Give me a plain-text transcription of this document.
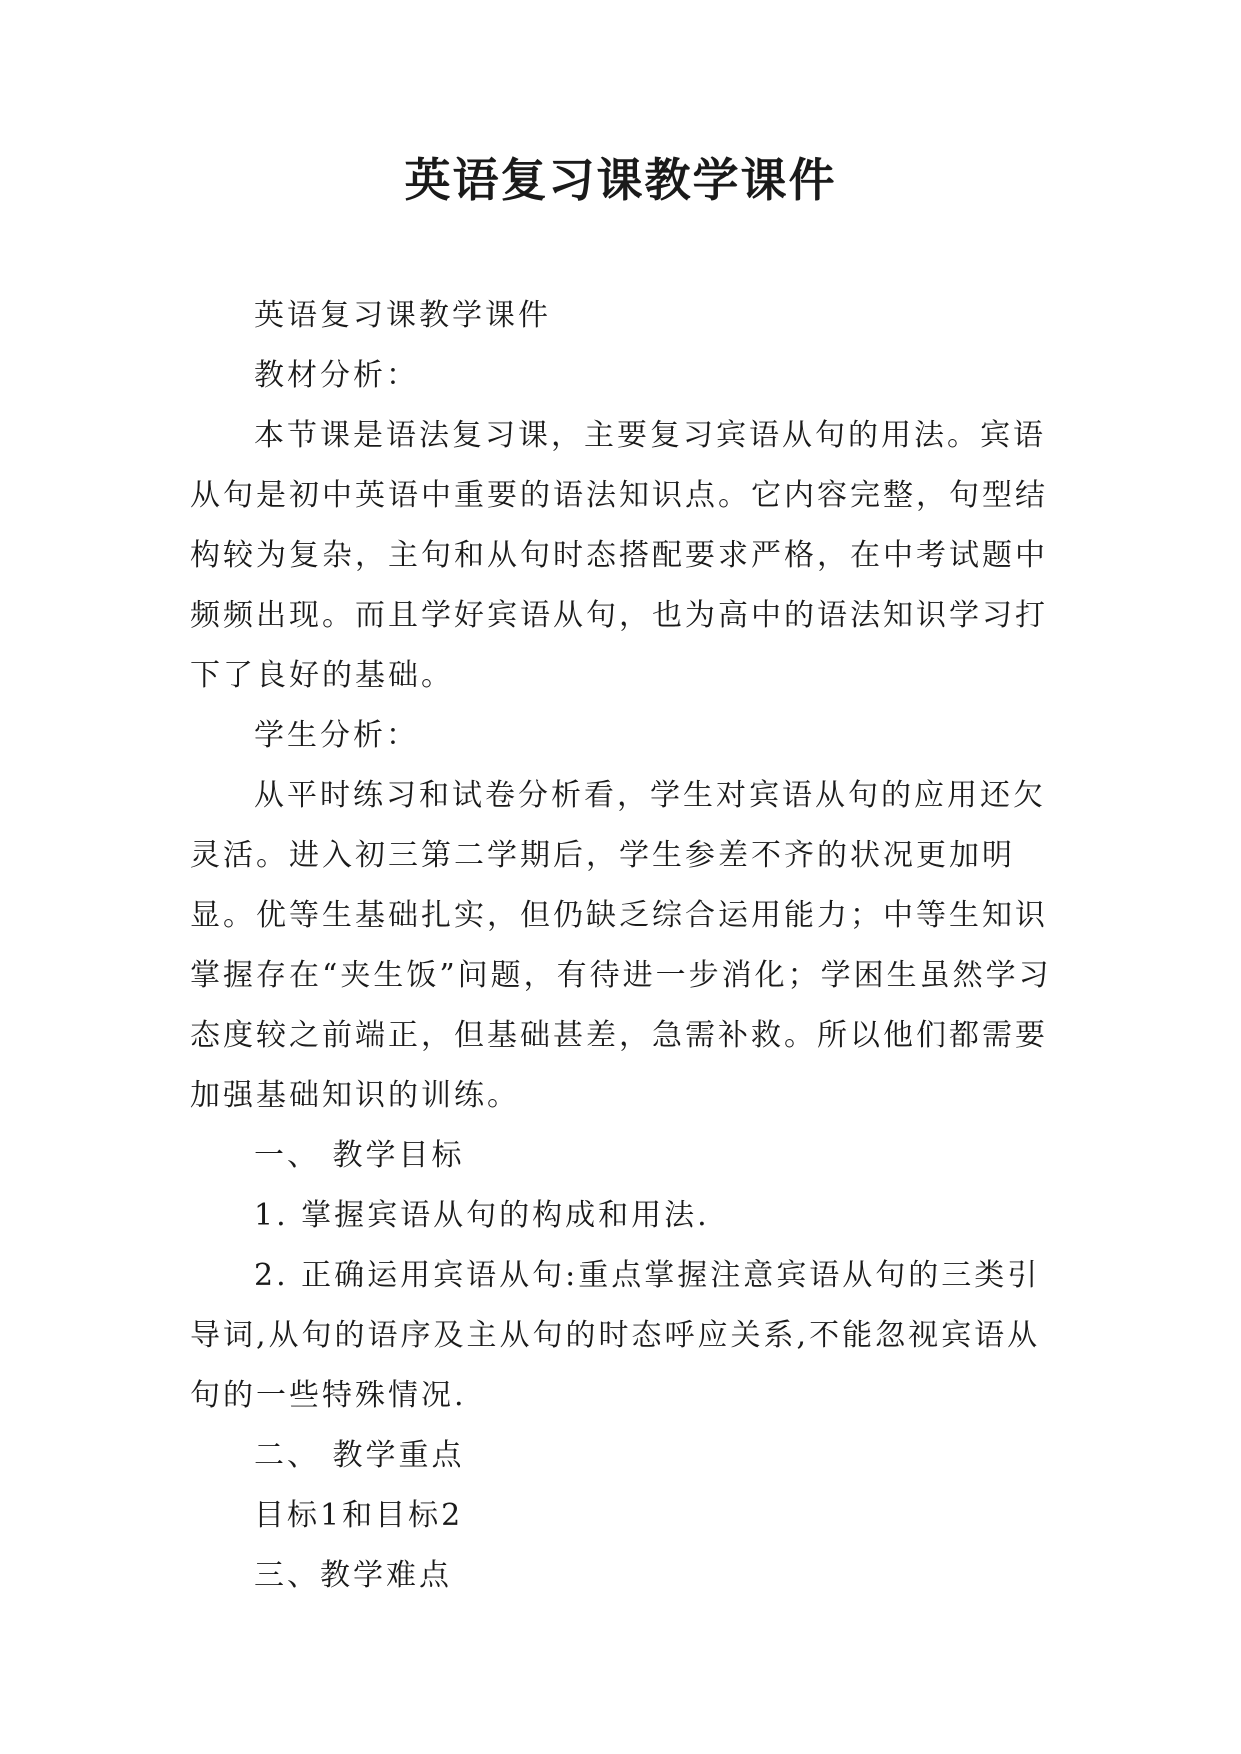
英语复习课教学课件

英语复习课教学课件

教材分析：

本节课是语法复习课，主要复习宾语从句的用法。宾语从句是初中英语中重要的语法知识点。它内容完整，句型结构较为复杂，主句和从句时态搭配要求严格，在中考试题中频频出现。而且学好宾语从句，也为高中的语法知识学习打下了良好的基础。

学生分析：

从平时练习和试卷分析看，学生对宾语从句的应用还欠灵活。进入初三第二学期后，学生参差不齐的状况更加明显。优等生基础扎实，但仍缺乏综合运用能力；中等生知识掌握存在“夹生饭”问题，有待进一步消化；学困生虽然学习态度较之前端正，但基础甚差，急需补救。所以他们都需要加强基础知识的训练。

一、 教学目标

1. 掌握宾语从句的构成和用法.

2. 正确运用宾语从句:重点掌握注意宾语从句的三类引导词,从句的语序及主从句的时态呼应关系,不能忽视宾语从句的一些特殊情况.

二、 教学重点

目标1和目标2

三、教学难点
